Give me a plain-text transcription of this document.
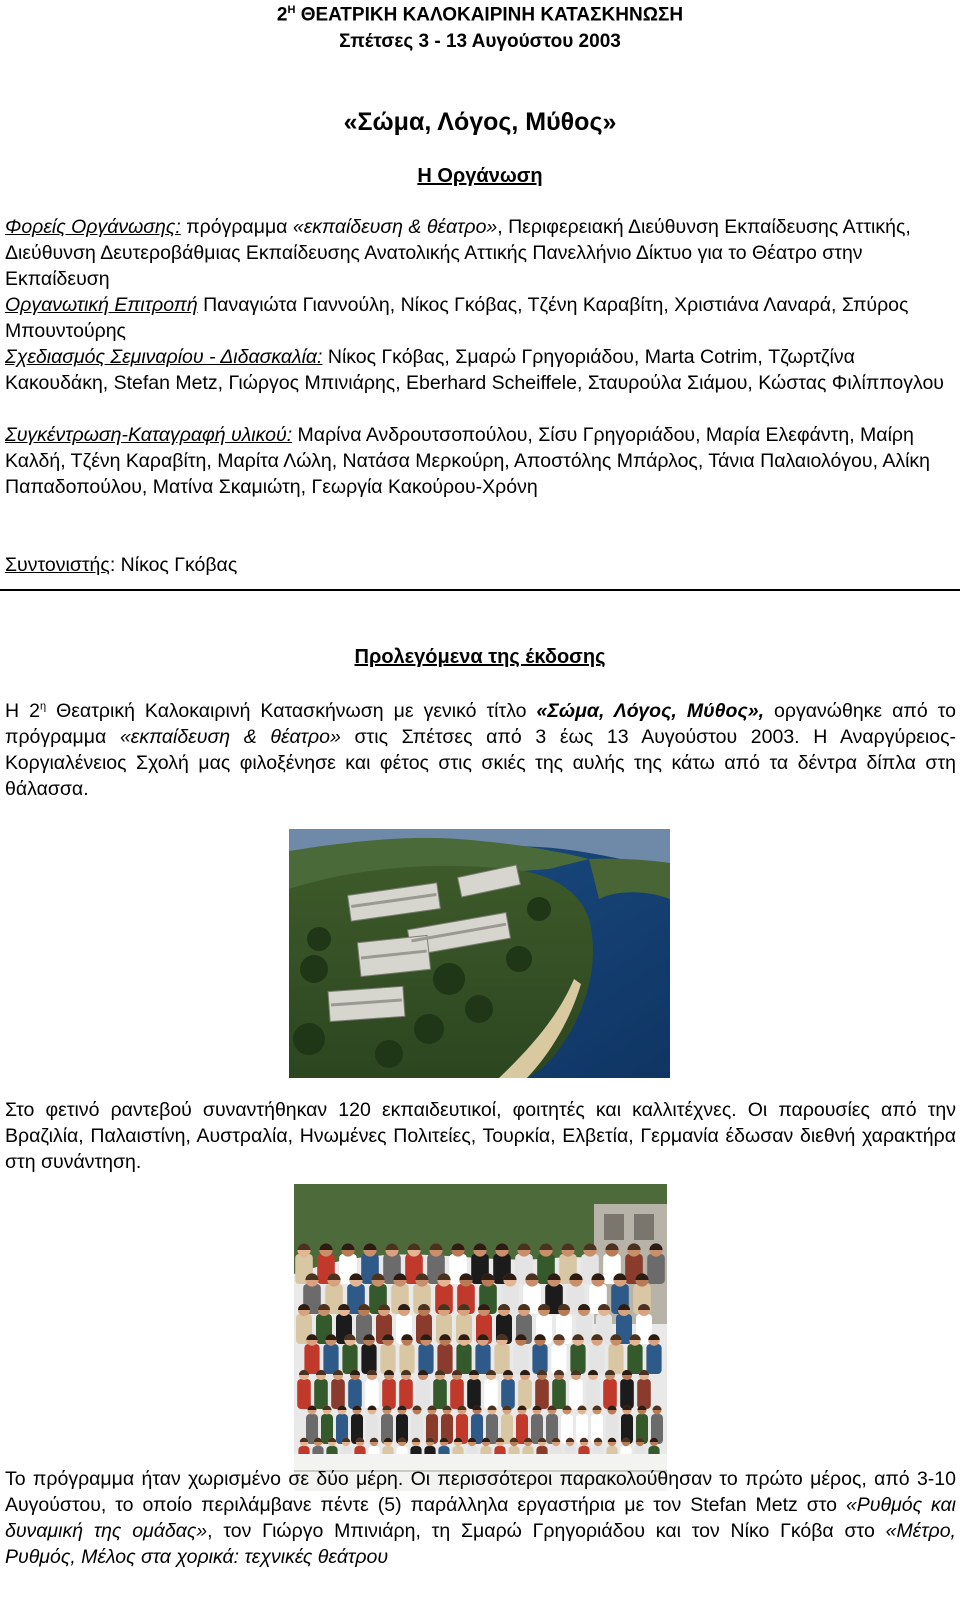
$2^H$ ΘΕΑΤΡΙΚΗ ΚΑΛΟΚΑΙΡΙΝΗ ΚΑΤΑΣΚΗΝΩΣΗ
Σπέτσες 3 - 13 Αυγούστου 2003
«Σώμα, Λόγος, Μύθος»
Η Οργάνωση
Φορείς Οργάνωσης: πρόγραμμα «εκπαίδευση & θέατρο», Περιφερειακή Διεύθυνση Εκπαίδευσης Αττικής, Διεύθυνση Δευτεροβάθμιας Εκπαίδευσης Ανατολικής Αττικής Πανελλήνιο Δίκτυο για το Θέατρο στην Εκπαίδευση
Οργανωτική Επιτροπή Παναγιώτα Γιαννούλη, Νίκος Γκόβας, Τζένη Καραβίτη, Χριστιάνα Λαναρά, Σπύρος Μπουντούρης
Σχεδιασμός Σεμιναρίου - Διδασκαλία: Νίκος Γκόβας, Σμαρώ Γρηγοριάδου, Marta Cotrim, Τζωρτζίνα Κακουδάκη, Stefan Metz, Γιώργος Μπινιάρης, Eberhard Scheiffele, Σταυρούλα Σιάμου, Κώστας Φιλίππογλου
Συγκέντρωση-Καταγραφή υλικού: Μαρίνα Ανδρουτσοπούλου, Σίσυ Γρηγοριάδου, Μαρία Ελεφάντη, Μαίρη Καλδή, Τζένη Καραβίτη, Μαρίτα Λώλη, Νατάσα Μερκούρη, Αποστόλης Μπάρλος, Τάνια Παλαιολόγου, Αλίκη Παπαδοπούλου, Ματίνα Σκαμιώτη, Γεωργία Κακούρου-Χρόνη
Συντονιστής: Νίκος Γκόβας
Προλεγόμενα της έκδοσης
Η $2^\eta$ Θεατρική Καλοκαιρινή Κατασκήνωση με γενικό τίτλο «Σώμα, Λόγος, Μύθος», οργανώθηκε από το πρόγραμμα «εκπαίδευση & θέατρο» στις Σπέτσες από 3 έως 13 Αυγούστου 2003. Η Αναργύρειος-Κοργιαλένειος Σχολή μας φιλοξένησε και φέτος στις σκιές της αυλής της κάτω από τα δέντρα δίπλα στη θάλασσα.
Στο φετινό ραντεβού συναντήθηκαν 120 εκπαιδευτικοί, φοιτητές και καλλιτέχνες. Οι παρουσίες από την Βραζιλία, Παλαιστίνη, Αυστραλία, Ηνωμένες Πολιτείες, Τουρκία, Ελβετία, Γερμανία έδωσαν διεθνή χαρακτήρα στη συνάντηση.
Το πρόγραμμα ήταν χωρισμένο σε δύο μέρη. Οι περισσότεροι παρακολούθησαν το πρώτο μέρος, από 3-10 Αυγούστου, το οποίο περιλάμβανε πέντε (5) παράλληλα εργαστήρια με τον Stefan Metz στο «Ρυθμός και δυναμική της ομάδας», τον Γιώργο Μπινιάρη, τη Σμαρώ Γρηγοριάδου και τον Νίκο Γκόβα στο «Μέτρο, Ρυθμός, Μέλος στα χορικά: τεχνικές θεάτρου
